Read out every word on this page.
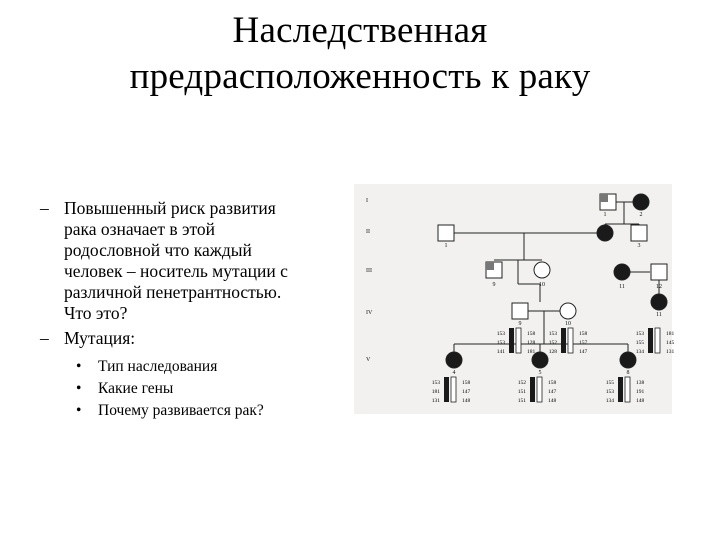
Наследственная
предрасположенность к раку
– Повышенный риск развития
рака означает в этой
родословной что каждый
человек – носитель мутации с
различной пенетрантностью.
Что это?
– Мутация:
• Тип наследования
• Какие гены
• Почему развивается рак?
I
II
III
IV
V
1	2
1	3
9	10	11	12
9	10
11
4	5	8
153	158
153	128
141	181
153	158
152	157
128	147
153	181
155	145
134	131
153	158
181	147
131	148
152	158
151	147
151	148
155	138
153	191
134	148
